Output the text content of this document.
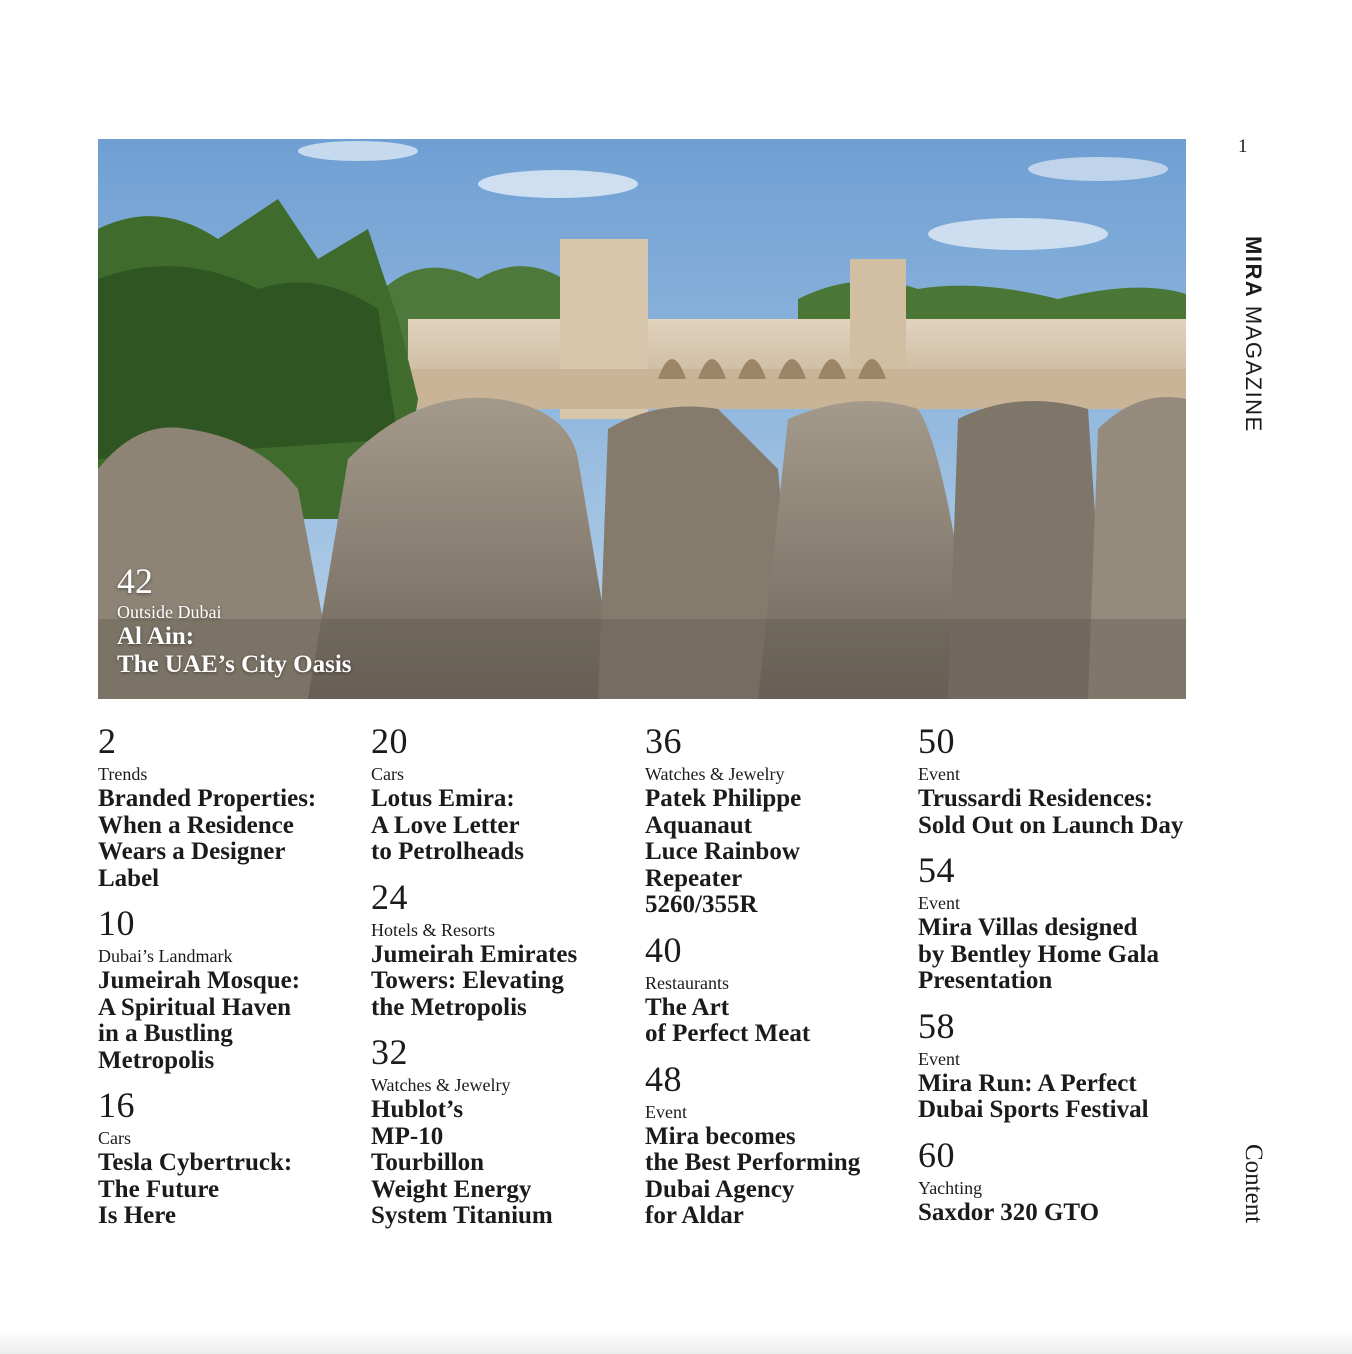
1
MIRA MAGAZINE
Content
42
Outside Dubai
Al Ain:
The UAE’s City Oasis
2
Trends
Branded Properties:
When a Residence
Wears a Designer
Label
10
Dubai’s Landmark
Jumeirah Mosque:
A Spiritual Haven
in a Bustling
Metropolis
16
Cars
Tesla Cybertruck:
The Future
Is Here
20
Cars
Lotus Emira:
A Love Letter
to Petrolheads
24
Hotels & Resorts
Jumeirah Emirates
Towers: Elevating
the Metropolis
32
Watches & Jewelry
Hublot’s
MP-10
Tourbillon
Weight Energy
System Titanium
36
Watches & Jewelry
Patek Philippe
Aquanaut
Luce Rainbow
Repeater
5260/355R
40
Restaurants
The Art
of Perfect Meat
48
Event
Mira becomes
the Best Performing
Dubai Agency
for Aldar
50
Event
Trussardi Residences:
Sold Out on Launch Day
54
Event
Mira Villas designed
by Bentley Home Gala
Presentation
58
Event
Mira Run: A Perfect
Dubai Sports Festival
60
Yachting
Saxdor 320 GTO
